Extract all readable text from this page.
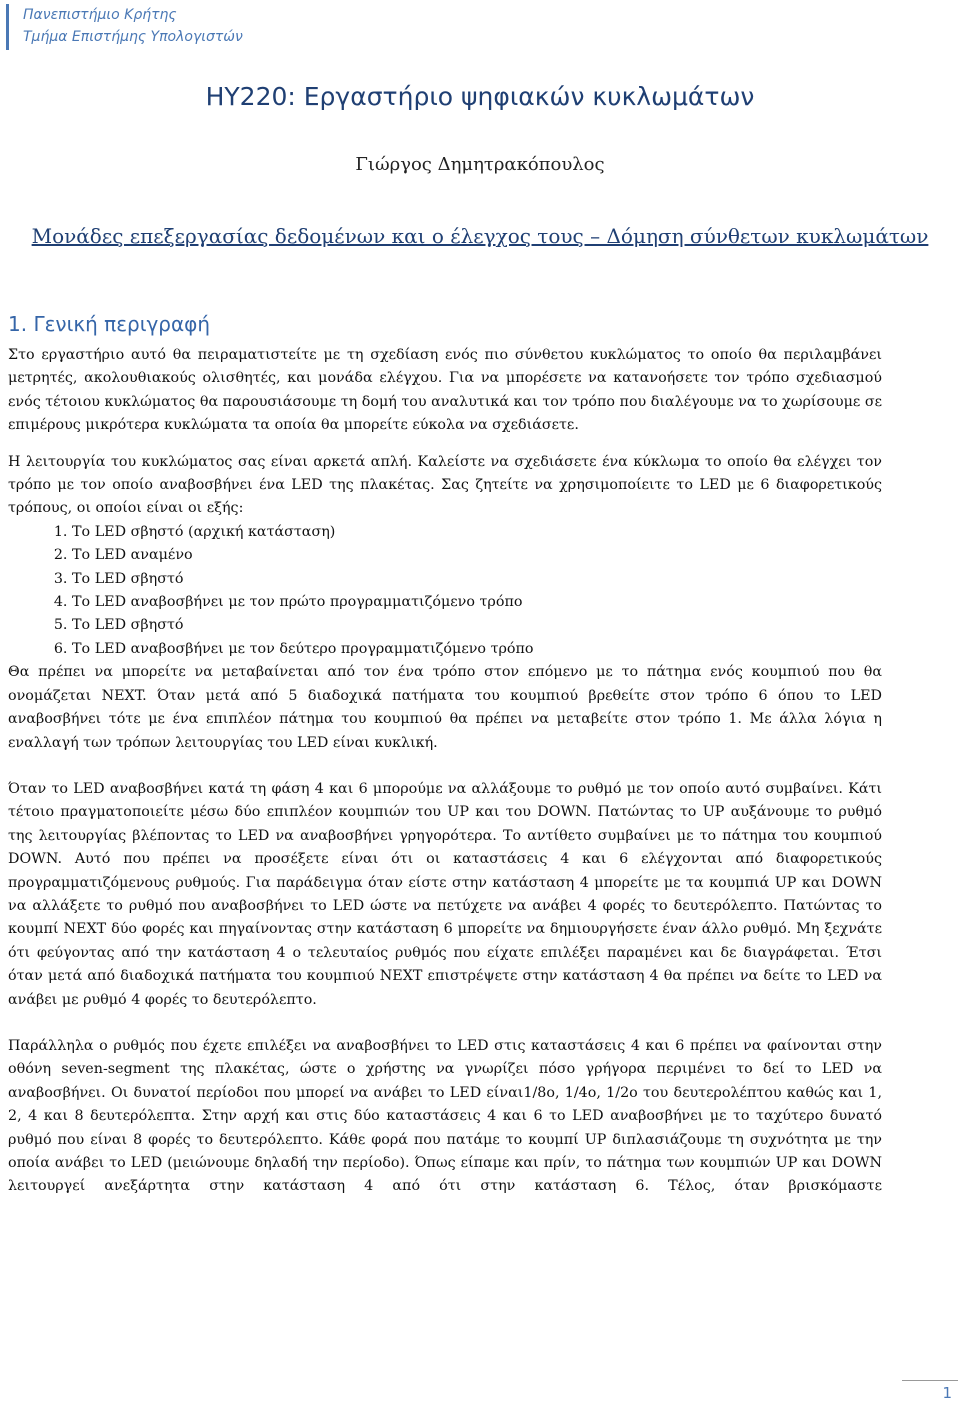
Πανεπιστήμιο Κρήτης
Τμήμα Επιστήμης Υπολογιστών
ΗΥ220: Εργαστήριο ψηφιακών κυκλωμάτων
Γιώργος Δημητρακόπουλος
Μονάδες επεξεργασίας δεδομένων και ο έλεγχος τους – Δόμηση σύνθετων κυκλωμάτων
1. Γενική περιγραφή

Στο εργαστήριο αυτό θα πειραματιστείτε με τη σχεδίαση ενός πιο σύνθετου κυκλώματος το οποίο θα περιλαμβάνει μετρητές, ακολουθιακούς ολισθητές, και μονάδα ελέγχου. Για να μπορέσετε να κατανοήσετε τον τρόπο σχεδιασμού ενός τέτοιου κυκλώματος θα παρουσιάσουμε τη δομή του αναλυτικά και τον τρόπο που διαλέγουμε να το χωρίσουμε σε επιμέρους μικρότερα κυκλώματα τα οποία θα μπορείτε εύκολα να σχεδιάσετε.

Η λειτουργία του κυκλώματος σας είναι αρκετά απλή. Καλείστε να σχεδιάσετε ένα κύκλωμα το οποίο θα ελέγχει τον τρόπο με τον οποίο αναβοσβήνει ένα LED της πλακέτας. Σας ζητείτε να χρησιμοποίειτε το LED με 6 διαφορετικούς τρόπους, οι οποίοι είναι οι εξής:

1. Το LED σβηστό (αρχική κατάσταση)
2. Το LED αναμένο
3. Το LED σβηστό
4. Το LED αναβοσβήνει με τον πρώτο προγραμματιζόμενο τρόπο
5. Το LED σβηστό
6. Το LED αναβοσβήνει με τον δεύτερο προγραμματιζόμενο τρόπο

Θα πρέπει να μπορείτε να μεταβαίνεται από τον ένα τρόπο στον επόμενο με το πάτημα ενός κουμπιού που θα ονομάζεται NEXT. Όταν μετά από 5 διαδοχικά πατήματα του κουμπιού βρεθείτε στον τρόπο 6 όπου το LED αναβοσβήνει τότε με ένα επιπλέον πάτημα του κουμπιού θα πρέπει να μεταβείτε στον τρόπο 1. Με άλλα λόγια η εναλλαγή των τρόπων λειτουργίας του LED είναι κυκλική.

Όταν το LED αναβοσβήνει κατά τη φάση 4 και 6 μπορούμε να αλλάξουμε το ρυθμό με τον οποίο αυτό συμβαίνει. Κάτι τέτοιο πραγματοποιείτε μέσω δύο επιπλέον κουμπιών του UP και του DOWN. Πατώντας το UP αυξάνουμε το ρυθμό της λειτουργίας βλέποντας το LED να αναβοσβήνει γρηγορότερα. Το αντίθετο συμβαίνει με το πάτημα του κουμπιού DOWN. Αυτό που πρέπει να προσέξετε είναι ότι οι καταστάσεις 4 και 6 ελέγχονται από διαφορετικούς προγραμματιζόμενους ρυθμούς. Για παράδειγμα όταν είστε στην κατάσταση 4 μπορείτε με τα κουμπιά UP και DOWN να αλλάξετε το ρυθμό που αναβοσβήνει το LED ώστε να πετύχετε να ανάβει 4 φορές το δευτερόλεπτο. Πατώντας το κουμπί NEXT δύο φορές και πηγαίνοντας στην κατάσταση 6 μπορείτε να δημιουργήσετε έναν άλλο ρυθμό. Μη ξεχνάτε ότι φεύγοντας από την κατάσταση 4 ο τελευταίος ρυθμός που είχατε επιλέξει παραμένει και δε διαγράφεται. Έτσι όταν μετά από διαδοχικά πατήματα του κουμπιού NEXT επιστρέψετε στην κατάσταση 4 θα πρέπει να δείτε το LED να ανάβει με ρυθμό 4 φορές το δευτερόλεπτο.

Παράλληλα ο ρυθμός που έχετε επιλέξει να αναβοσβήνει το LED στις καταστάσεις 4 και 6 πρέπει να φαίνονται στην οθόνη seven-segment της πλακέτας, ώστε ο χρήστης να γνωρίζει πόσο γρήγορα περιμένει το δεί το LED να αναβοσβήνει. Οι δυνατοί περίοδοι που μπορεί να ανάβει το LED είναι1/8ο, 1/4ο, 1/2ο του δευτερολέπτου καθώς και 1, 2, 4 και 8 δευτερόλεπτα. Στην αρχή και στις δύο καταστάσεις 4 και 6 το LED αναβοσβήνει με το ταχύτερο δυνατό ρυθμό που είναι 8 φορές το δευτερόλεπτο. Κάθε φορά που πατάμε το κουμπί UP διπλασιάζουμε τη συχνότητα με την οποία ανάβει το LED (μειώνουμε δηλαδή την περίοδο). Όπως είπαμε και πρίν, το πάτημα των κουμπιών UP και DOWN λειτουργεί ανεξάρτητα στην κατάσταση 4 από ότι στην κατάσταση 6. Τέλος, όταν βρισκόμαστε

1
